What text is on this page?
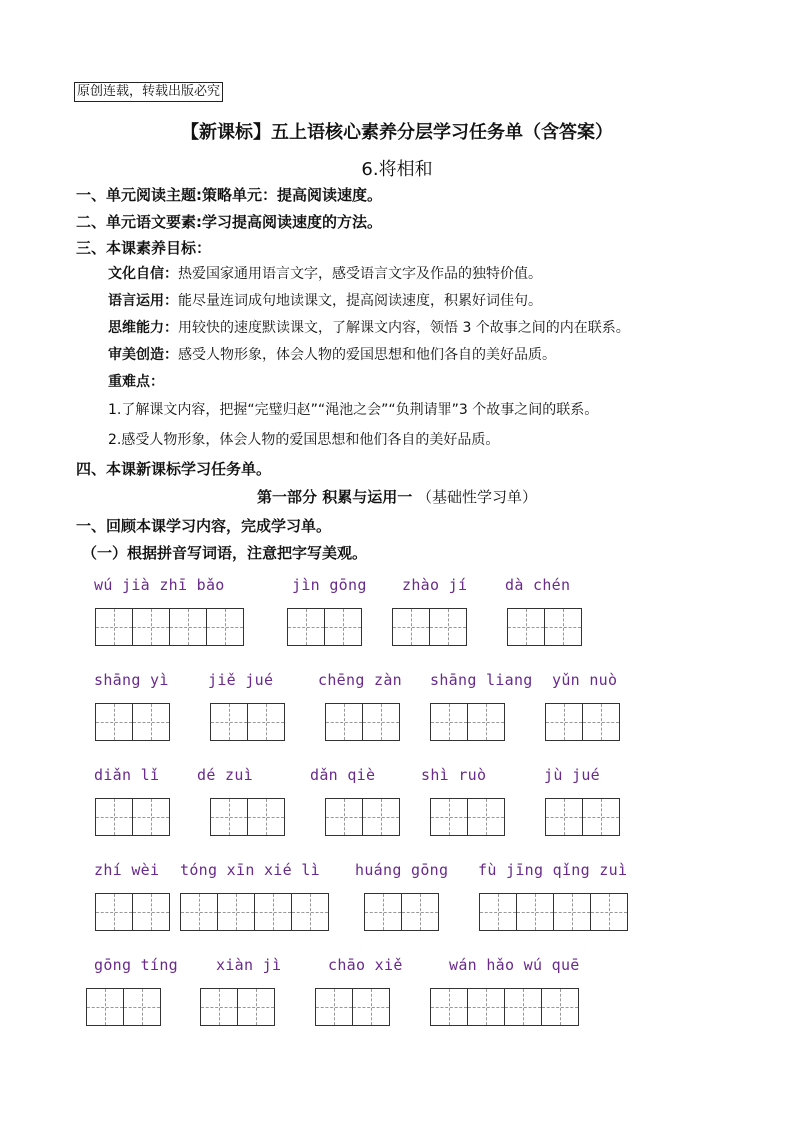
原创连载，转载出版必究
【新课标】五上语核心素养分层学习任务单（含答案）
6.将相和
一、单元阅读主题:策略单元：提高阅读速度。
二、单元语文要素:学习提高阅读速度的方法。
三、本课素养目标：
文化自信：热爱国家通用语言文字，感受语言文字及作品的独特价值。
语言运用：能尽量连词成句地读课文，提高阅读速度，积累好词佳句。
思维能力：用较快的速度默读课文，了解课文内容，领悟 3 个故事之间的内在联系。
审美创造：感受人物形象，体会人物的爱国思想和他们各自的美好品质。
重难点：
1.了解课文内容，把握“完璧归赵”“渑池之会”“负荆请罪”3 个故事之间的联系。
2.感受人物形象，体会人物的爱国思想和他们各自的美好品质。
四、本课新课标学习任务单。
第一部分 积累与运用一 （基础性学习单）
一、回顾本课学习内容，完成学习单。
（一）根据拼音写词语，注意把字写美观。
wú jià zhī bǎo	jìn gōng zhào jí	dà chén
shāng yì	jiě jué	chēng zàn shāng liang yǔn nuò
diǎn lǐ	dé zuì	dǎn qiè	shì ruò	jù jué
zhí wèi tóng xīn xié lì huáng gōng fù jīng qǐng zuì
gōng tíng	xiàn jì	chāo xiě	wán hǎo wú quē
